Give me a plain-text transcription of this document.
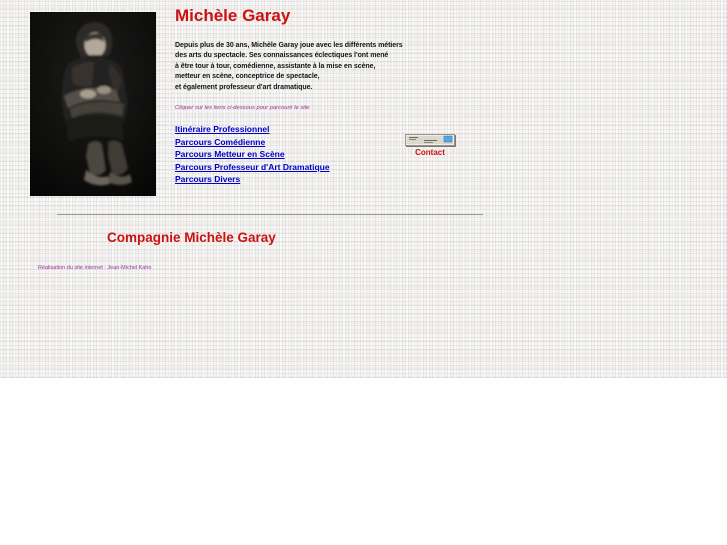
Michèle Garay
Depuis plus de 30 ans, Michèle Garay joue avec les différents métiers
des arts du spectacle. Ses connaissances éclectiques l'ont mené
à être tour à tour, comédienne, assistante à la mise en scène,
metteur en scène, conceptrice de spectacle,
et également professeur d'art dramatique.
Cliquer sur les liens ci-dessous pour parcourir le site
Itinéraire Professionnel
Parcours Comédienne
Parcours Metteur en Scène
Parcours Professeur d'Art Dramatique
Parcours Divers
Contact
Compagnie Michèle Garay
Réalisation du site internet : Jean-Michel Kahn
